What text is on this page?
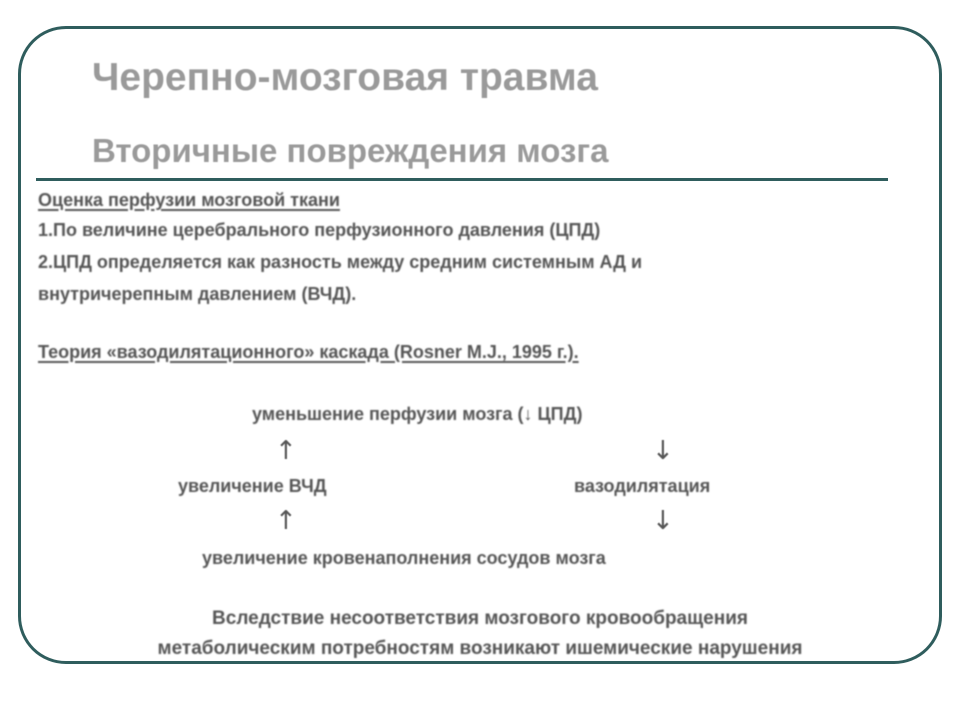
Черепно-мозговая травма
Вторичные повреждения мозга
Оценка перфузии мозговой ткани
1.По величине церебрального перфузионного давления (ЦПД)
2.ЦПД определяется как разность между средним системным АД и
внутричерепным давлением (ВЧД).
Теория «вазодилятационного» каскада (Rosner M.J., 1995 г.).
уменьшение перфузии мозга (↓ ЦПД)
↑	↓
увеличение ВЧД	вазодилятация
↑	↓
увеличение кровенаполнения сосудов мозга
Вследствие несоответствия мозгового кровообращения
метаболическим потребностям возникают ишемические нарушения
